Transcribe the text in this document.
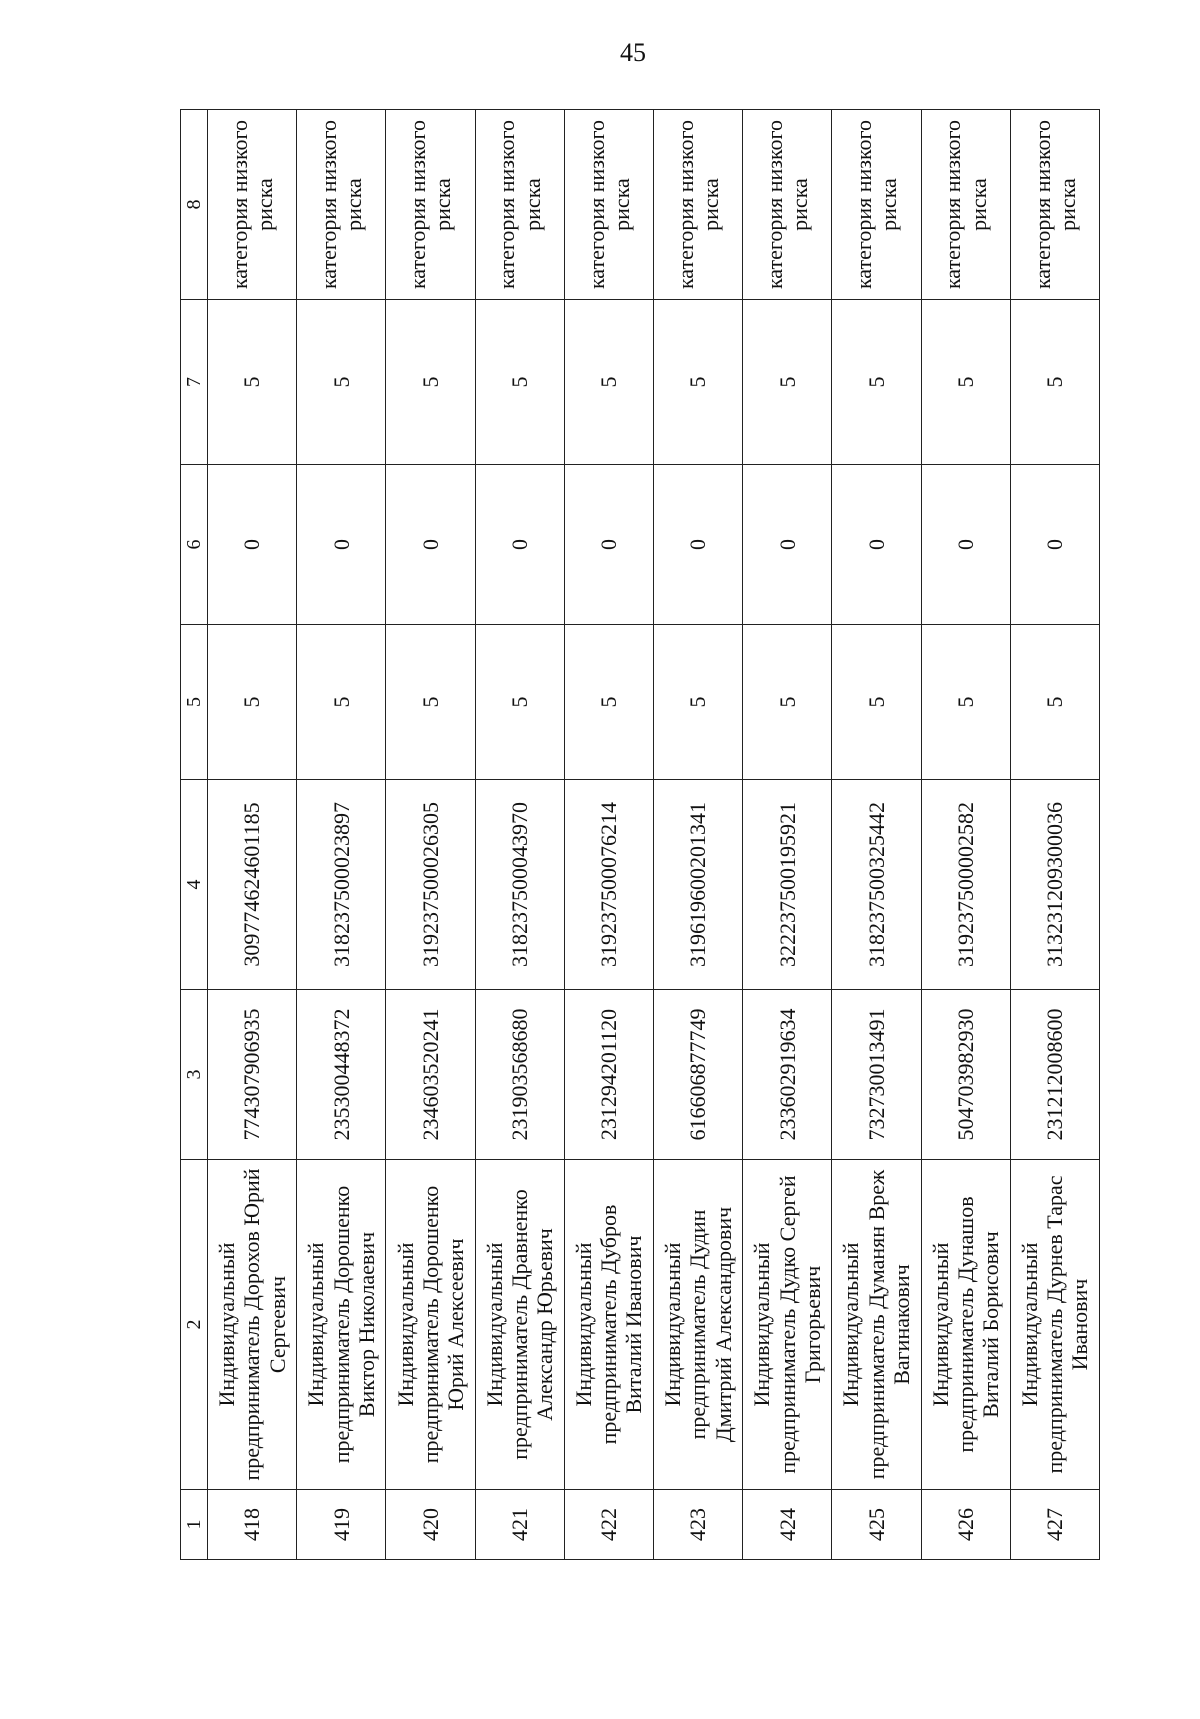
45
1	2	3	4	5	6	7	8
418	Индивидуальный предприниматель Дорохов Юрий Сергеевич	774307906935	309774624601185	5	0	5	категория низкого риска
419	Индивидуальный предприниматель Дорошенко Виктор Николаевич	235300448372	318237500023897	5	0	5	категория низкого риска
420	Индивидуальный предприниматель Дорошенко Юрий Алексеевич	234603520241	319237500026305	5	0	5	категория низкого риска
421	Индивидуальный предприниматель Дравненко Александр Юрьевич	231903568680	318237500043970	5	0	5	категория низкого риска
422	Индивидуальный предприниматель Дубров Виталий Иванович	231294201120	319237500076214	5	0	5	категория низкого риска
423	Индивидуальный предприниматель Дудин Дмитрий Александрович	616606877749	319619600201341	5	0	5	категория низкого риска
424	Индивидуальный предприниматель Дудко Сергей Григорьевич	233602919634	322237500195921	5	0	5	категория низкого риска
425	Индивидуальный предприниматель Думанян Вреж Вагинакович	732730013491	318237500325442	5	0	5	категория низкого риска
426	Индивидуальный предприниматель Дунашов Виталий Борисович	504703982930	319237500002582	5	0	5	категория низкого риска
427	Индивидуальный предприниматель Дурнев Тарас Иванович	231212008600	313231209300036	5	0	5	категория низкого риска
